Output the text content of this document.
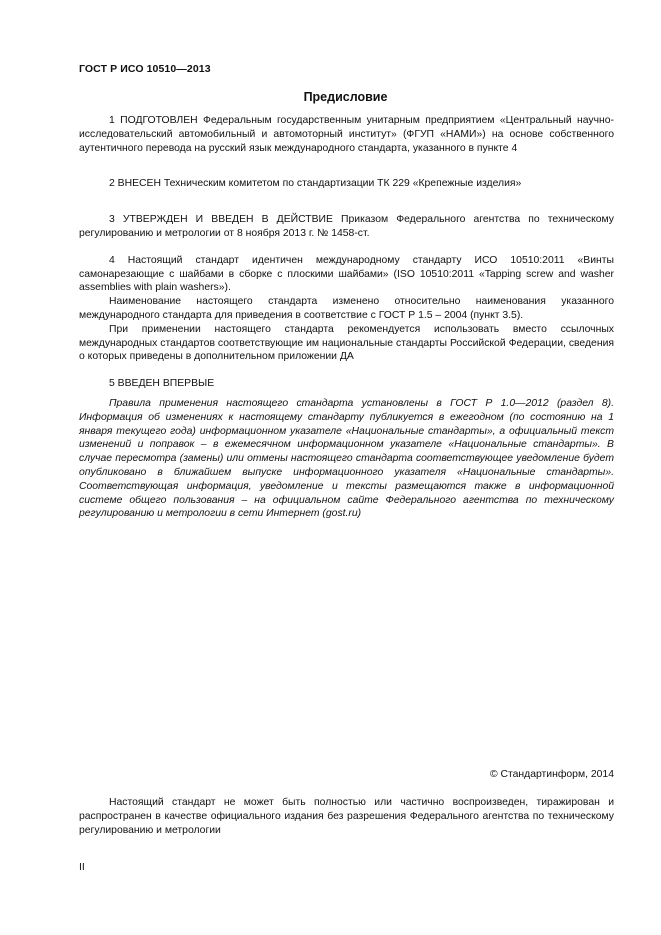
ГОСТ Р ИСО 10510—2013
Предисловие

1 ПОДГОТОВЛЕН Федеральным государственным унитарным предприятием «Центральный научно-исследовательский автомобильный и автомоторный институт» (ФГУП «НАМИ») на основе собственного аутентичного перевода на русский язык международного стандарта, указанного в пункте 4

2 ВНЕСЕН Техническим комитетом по стандартизации ТК 229 «Крепежные изделия»

3 УТВЕРЖДЕН И ВВЕДЕН В ДЕЙСТВИЕ Приказом Федерального агентства по техническому регулированию и метрологии от 8 ноября 2013 г. № 1458-ст.

4 Настоящий стандарт идентичен международному стандарту ИСО 10510:2011 «Винты самонарезающие с шайбами в сборке с плоскими шайбами» (ISO 10510:2011 «Tapping screw and washer assemblies with plain washers»).

Наименование настоящего стандарта изменено относительно наименования указанного международного стандарта для приведения в соответствие с ГОСТ Р 1.5 – 2004 (пункт 3.5).

При применении настоящего стандарта рекомендуется использовать вместо ссылочных международных стандартов соответствующие им национальные стандарты Российской Федерации, сведения о которых приведены в дополнительном приложении ДА

5 ВВЕДЕН ВПЕРВЫЕ

Правила применения настоящего стандарта установлены в ГОСТ Р 1.0—2012 (раздел 8). Информация об изменениях к настоящему стандарту публикуется в ежегодном (по состоянию на 1 января текущего года) информационном указателе «Национальные стандарты», а официальный текст изменений и поправок – в ежемесячном информационном указателе «Национальные стандарты». В случае пересмотра (замены) или отмены настоящего стандарта соответствующее уведомление будет опубликовано в ближайшем выпуске информационного указателя «Национальные стандарты». Соответствующая информация, уведомление и тексты размещаются также в информационной системе общего пользования – на официальном сайте Федерального агентства по техническому регулированию и метрологии в сети Интернет (gost.ru)

© Стандартинформ, 2014

Настоящий стандарт не может быть полностью или частично воспроизведен, тиражирован и распространен в качестве официального издания без разрешения Федерального агентства по техническому регулированию и метрологии

II
